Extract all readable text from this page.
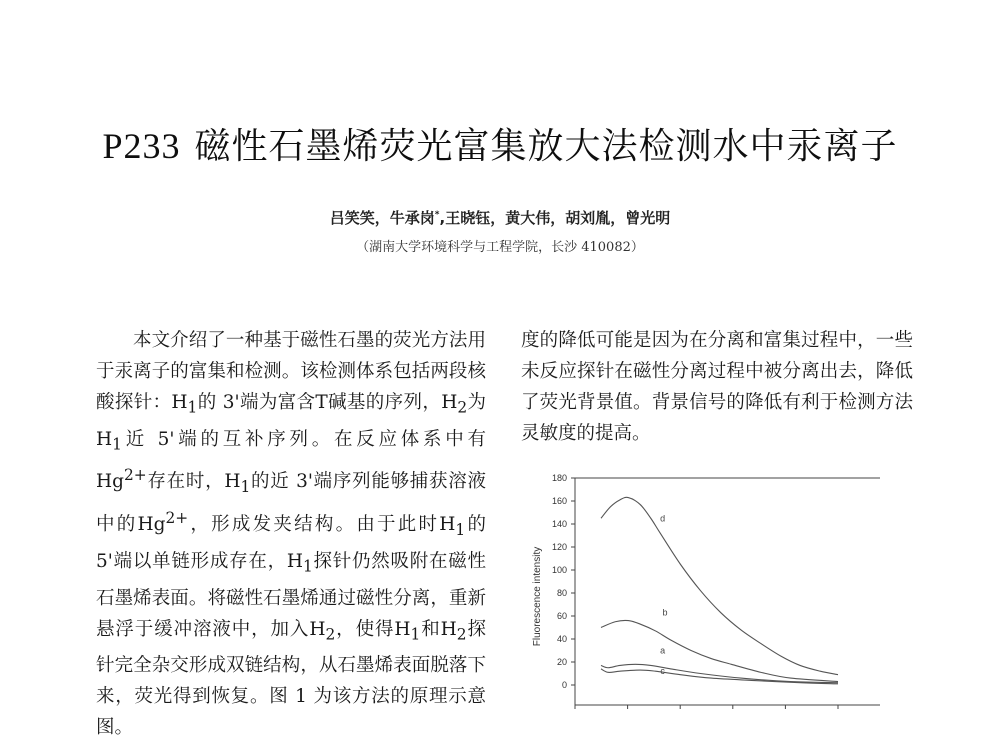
P233 磁性石墨烯荧光富集放大法检测水中汞离子
吕笑笑，牛承岗*,王晓钰，黄大伟，胡刘胤，曾光明
（湖南大学环境科学与工程学院，长沙 410082）

本文介绍了一种基于磁性石墨的荧光方法用于汞离子的富集和检测。该检测体系包括两段核酸探针：$H_1$的 3'端为富含T碱基的序列，$H_2$为$H_1$近 5'端的互补序列。在反应体系中有$Hg^{2+}$存在时，$H_1$的近 3'端序列能够捕获溶液中的$Hg^{2+}$，形成发夹结构。由于此时$H_1$的 5'端以单链形成存在，$H_1$探针仍然吸附在磁性石墨烯表面。将磁性石墨烯通过磁性分离，重新悬浮于缓冲溶液中，加入$H_2$，使得$H_1$和$H_2$探针完全杂交形成双链结构，从石墨烯表面脱落下来，荧光得到恢复。图 1 为该方法的原理示意图。

度的降低可能是因为在分离和富集过程中，一些未反应探针在磁性分离过程中被分离出去，降低了荧光背景值。背景信号的降低有利于检测方法灵敏度的提高。

0
20
40
60
80
100
120
140
160
180
Fluorescence intensity
d
b
a
c
